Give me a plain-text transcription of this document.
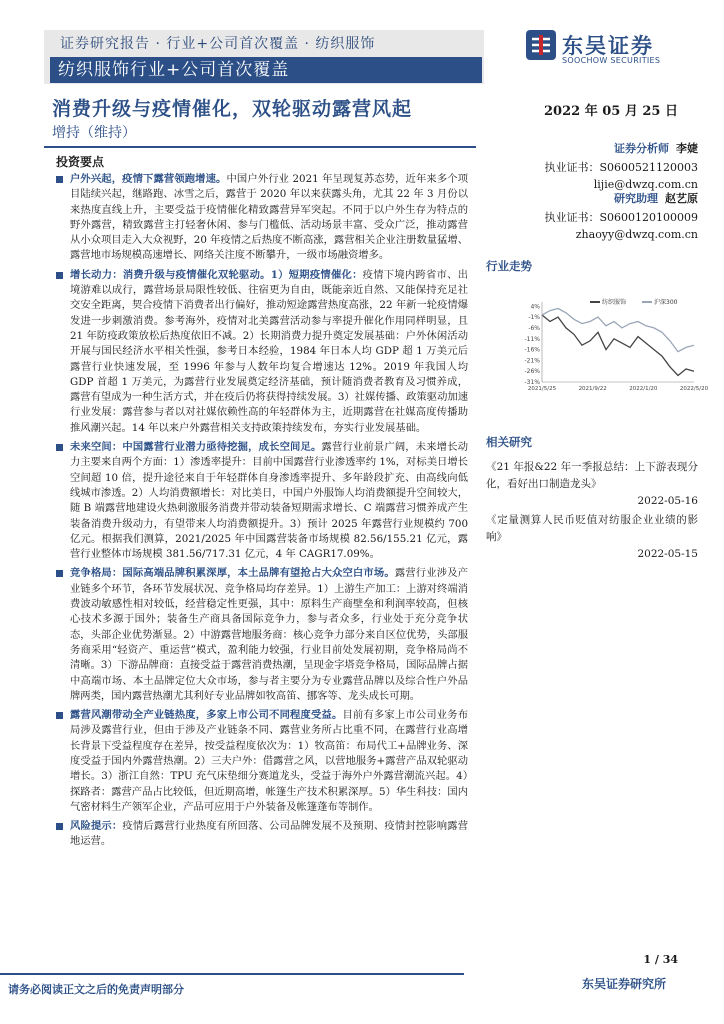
证券研究报告 · 行业+公司首次覆盖 · 纺织服饰
纺织服饰行业+公司首次覆盖
东吴证券
SOOCHOW SECURITIES
消费升级与疫情催化，双轮驱动露营风起	2022 年 05 月 25 日
增持（维持）
投资要点
户外兴起，疫情下露营领跑增速。中国户外行业 2021 年呈现复苏态势，近年来多个项目陆续兴起，继路跑、冰雪之后，露营于 2020 年以来获露头角，尤其 22 年 3 月份以来热度直线上升，主要受益于疫情催化精致露营异军突起。不同于以户外生存为特点的野外露营，精致露营主打轻奢休闲、参与门槛低、活动场景丰富、受众广泛，推动露营从小众项目走入大众视野，20 年疫情之后热度不断高涨，露营相关企业注册数量猛增、露营地市场规模高速增长、网络关注度不断攀升，一级市场融资增多。
增长动力：消费升级与疫情催化双轮驱动。1）短期疫情催化：疫情下境内跨省市、出境游难以成行，露营场景局限性较低、往宿更为自由，既能亲近自然、又能保持充足社交安全距离，契合疫情下消费者出行偏好，推动短途露营热度高涨，22 年新一轮疫情爆发进一步刺激消费。参考海外，疫情对北美露营活动参与率提升催化作用同样明显，且 21 年防疫政策放松后热度依旧不减。2）长期消费力提升奠定发展基础：户外休闲活动开展与国民经济水平相关性强，参考日本经验，1984 年日本人均 GDP 超 1 万美元后露营行业快速发展，至 1996 年参与人数年均复合增速达 12%。2019 年我国人均 GDP 首超 1 万美元，为露营行业发展奠定经济基础，预计随消费者教育及习惯养成，露营有望成为一种生活方式，并在疫后仍将获得持续发展。3）社媒传播、政策驱动加速行业发展：露营参与者以对社媒依赖性高的年轻群体为主，近期露营在社媒高度传播助推风潮兴起。14 年以来户外露营相关支持政策持续发布，夯实行业发展基础。
未来空间：中国露营行业潜力亟待挖掘，成长空间足。露营行业前景广阔，未来增长动力主要来自两个方面：1）渗透率提升：目前中国露营行业渗透率约 1%，对标美日增长空间超 10 倍，提升途径来自于年轻群体自身渗透率提升、多年龄段扩充、由高线向低线城市渗透。2）人均消费额增长：对比美日，中国户外服饰人均消费额提升空间较大，随 B 端露营地建设火热刺激服务消费并带动装备短期需求增长、C 端露营习惯养成产生装备消费升级动力，有望带来人均消费额提升。3）预计 2025 年露营行业规模约 700 亿元。根据我们测算，2021/2025 年中国露营装备市场规模 82.56/155.21 亿元，露营行业整体市场规模 381.56/717.31 亿元，4 年 CAGR17.09%。
竞争格局：国际高端品牌积累深厚，本土品牌有望抢占大众空白市场。露营行业涉及产业链多个环节，各环节发展状况、竞争格局均存差异。1）上游生产加工：上游对终端消费波动敏感性相对较低，经营稳定性更强，其中：原料生产商壁垒和利润率较高，但核心技术多源于国外；装备生产商具备国际竞争力，参与者众多，行业处于充分竞争状态，头部企业优势渐显。2）中游露营地服务商：核心竞争力部分来自区位优势，头部服务商采用“轻资产、重运营”模式，盈利能力较强，行业目前处发展初期，竞争格局尚不清晰。3）下游品牌商：直接受益于露营消费热潮，呈现金字塔竞争格局，国际品牌占据中高端市场、本土品牌定位大众市场，参与者主要分为专业露营品牌以及综合性户外品牌两类，国内露营热潮尤其利好专业品牌如牧高笛、挪客等、龙头成长可期。
露营风潮带动全产业链热度，多家上市公司不同程度受益。目前有多家上市公司业务布局涉及露营行业，但由于涉及产业链条不同、露营业务所占比重不同，在露营行业高增长背景下受益程度存在差异，按受益程度依次为：1）牧高笛：布局代工+品牌业务、深度受益于国内外露营热潮。2）三夫户外：借露营之风，以营地服务+露营产品双轮驱动增长。3）浙江自然：TPU 充气床垫细分赛道龙头，受益于海外户外露营潮流兴起。4）探路者：露营产品占比较低，但近期高增，帐篷生产技术积累深厚。5）华生科技：国内气密材料生产领军企业，产品可应用于户外装备及帐篷蓬布等制作。
风险提示：疫情后露营行业热度有所回落、公司品牌发展不及预期、疫情封控影响露营地运营。
证券分析师 李婕
执业证书：S0600521120003
lijie@dwzq.com.cn
研究助理 赵艺原
执业证书：S0600120100009
zhaoyy@dwzq.com.cn
行业走势
4%
-1%
-6%
-11%
-16%
-21%
-26%
-31%
2021/5/25	2021/9/22	2022/1/20	2022/5/20
纺织服饰	沪深300
相关研究
《21 年报&22 年一季报总结：上下游表现分化，看好出口制造龙头》
2022-05-16
《定量测算人民币贬值对纺服企业业绩的影响》
2022-05-15
1 / 34
请务必阅读正文之后的免责声明部分	东吴证券研究所
